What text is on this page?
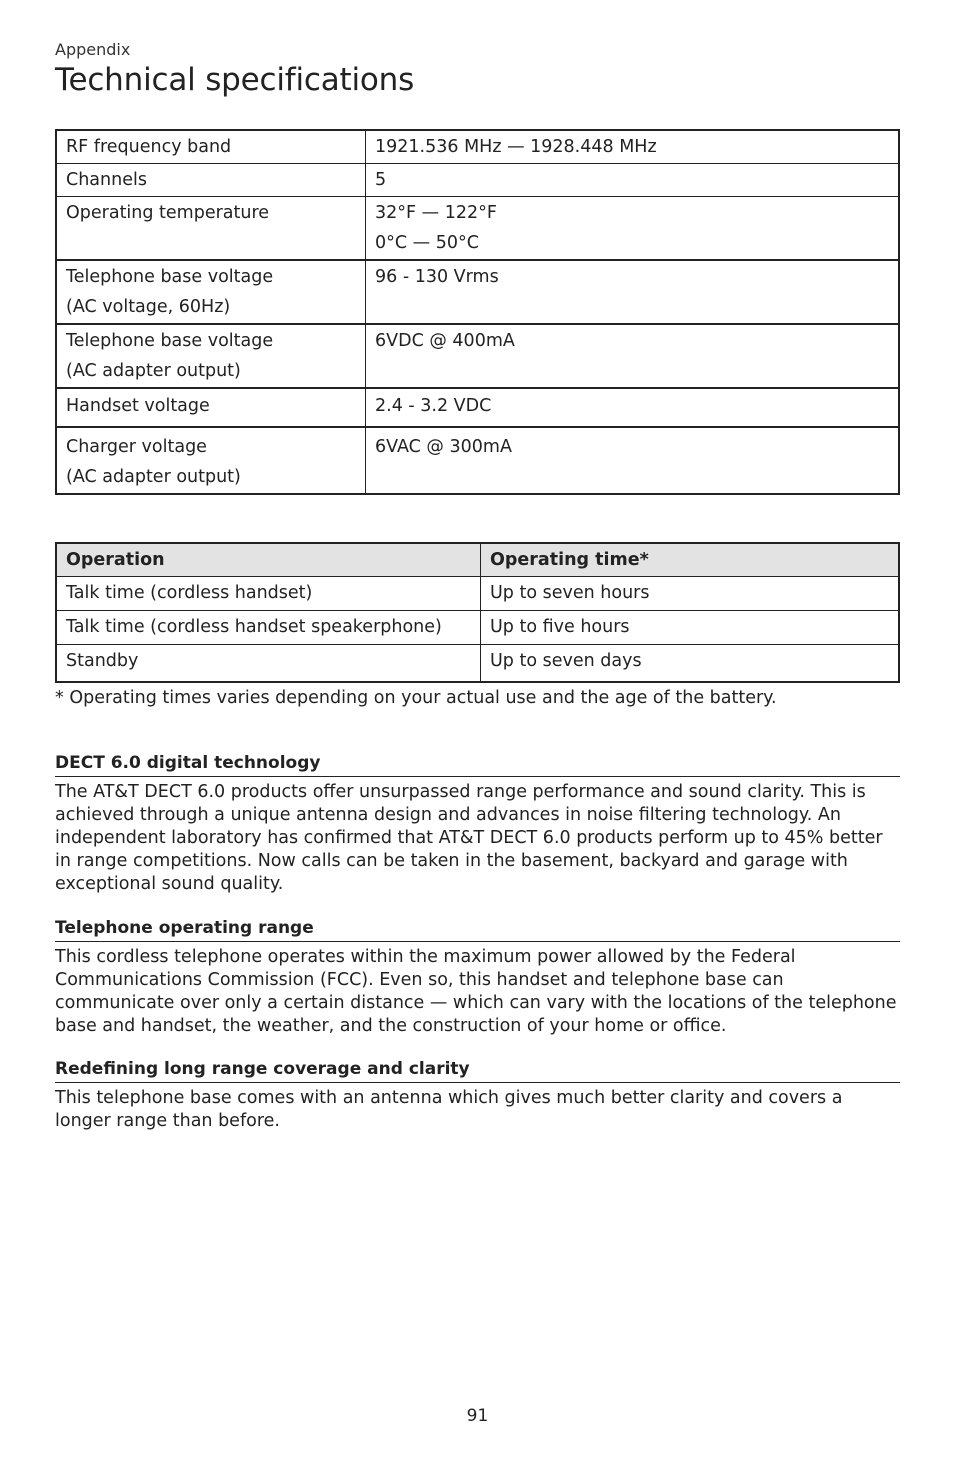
Appendix
Technical specifications
RF frequency band	1921.536 MHz — 1928.448 MHz
Channels	5

Operating temperature	32°F — 122°F
0°C — 50°C

Telephone base voltage
(AC voltage, 60Hz)	96 - 130 Vrms

Telephone base voltage
(AC adapter output)	6VDC @ 400mA

Handset voltage	2.4 - 3.2 VDC

Charger voltage
(AC adapter output)	6VAC @ 300mA
Operation	Operating time*
Talk time (cordless handset)	Up to seven hours
Talk time (cordless handset speakerphone)	Up to five hours
Standby	Up to seven days
* Operating times varies depending on your actual use and the age of the battery.
DECT 6.0 digital technology

The AT&T DECT 6.0 products offer unsurpassed range performance and sound clarity. This is achieved through a unique antenna design and advances in noise filtering technology. An independent laboratory has confirmed that AT&T DECT 6.0 products perform up to 45% better in range competitions. Now calls can be taken in the basement, backyard and garage with exceptional sound quality.

Telephone operating range

This cordless telephone operates within the maximum power allowed by the Federal Communications Commission (FCC). Even so, this handset and telephone base can communicate over only a certain distance — which can vary with the locations of the telephone base and handset, the weather, and the construction of your home or office.

Redefining long range coverage and clarity

This telephone base comes with an antenna which gives much better clarity and covers a longer range than before.

91
